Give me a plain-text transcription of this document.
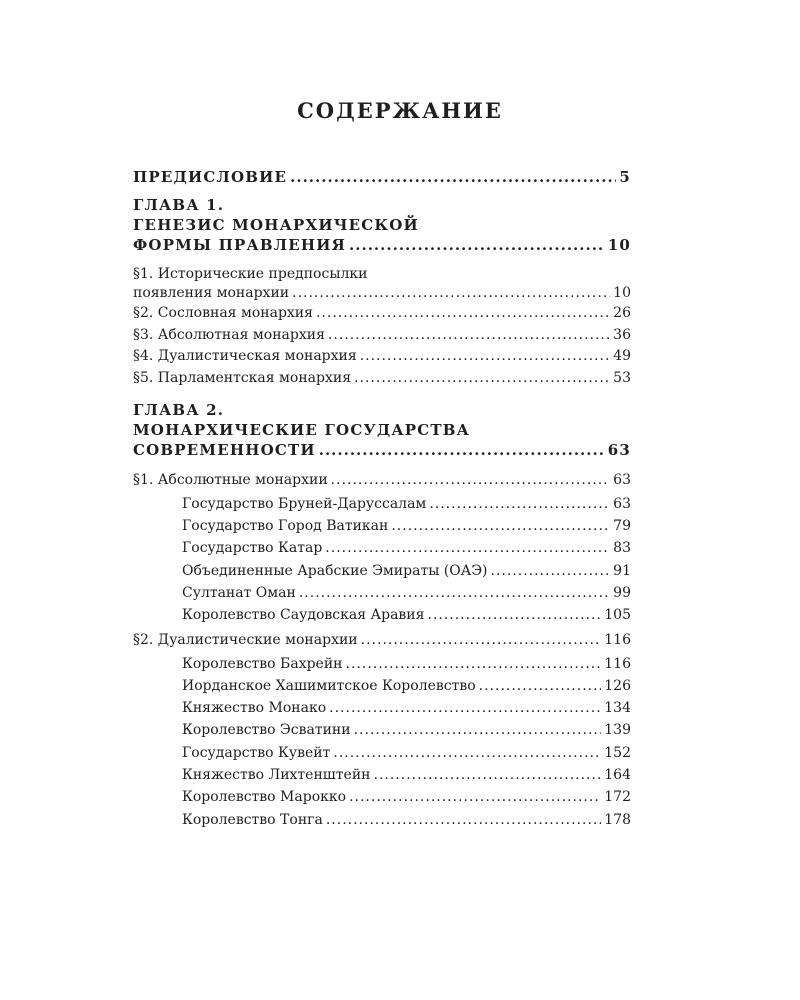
СОДЕРЖАНИЕ
ПРЕДИСЛОВИЕ .....	5
ГЛАВА 1.
ГЕНЕЗИС МОНАРХИЧЕСКОЙ
ФОРМЫ ПРАВЛЕНИЯ .....	10
§1. Исторические предпосылки
появления монархии .....	10
§2. Сословная монархия .....	26
§3. Абсолютная монархия .....	36
§4. Дуалистическая монархия .....	49
§5. Парламентская монархия .....	53
ГЛАВА 2.
МОНАРХИЧЕСКИЕ ГОСУДАРСТВА
СОВРЕМЕННОСТИ .....	63
§1. Абсолютные монархии .....	63
Государство Бруней-Даруссалам .....	63
Государство Город Ватикан .....	79
Государство Катар .....	83
Объединенные Арабские Эмираты (ОАЭ) .....	91
Султанат Оман .....	99
Королевство Саудовская Аравия .....	105
§2. Дуалистические монархии .....	116
Королевство Бахрейн .....	116
Иорданское Хашимитское Королевство .....	126
Княжество Монако .....	134
Королевство Эсватини .....	139
Государство Кувейт .....	152
Княжество Лихтенштейн .....	164
Королевство Марокко .....	172
Королевство Тонга .....	178
